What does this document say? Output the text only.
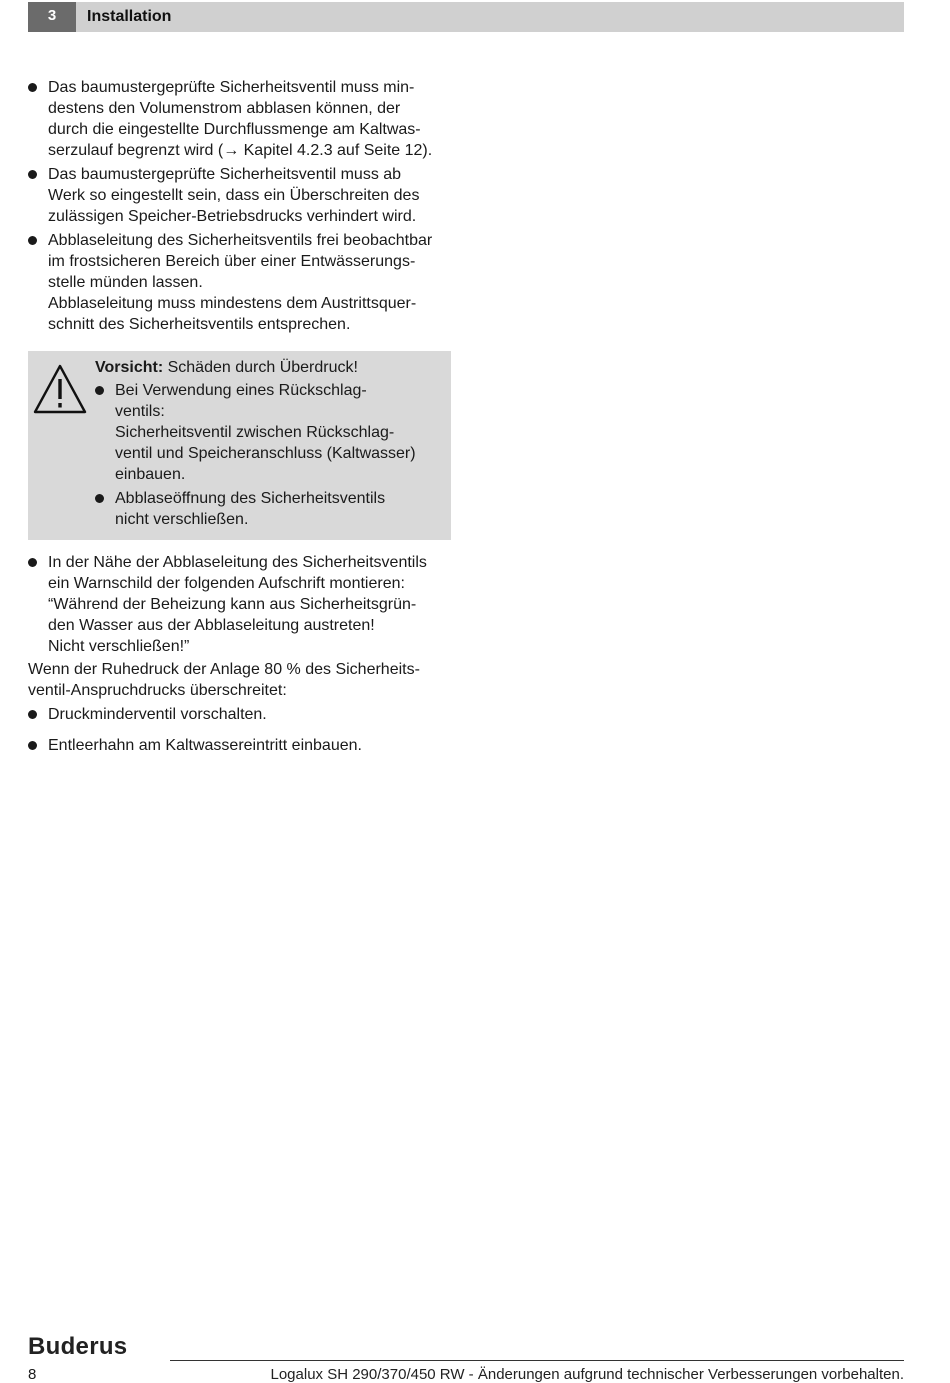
3	Installation
Das baumustergeprüfte Sicherheitsventil muss min-
destens den Volumenstrom abblasen können, der
durch die eingestellte Durchflussmenge am Kaltwas-
serzulauf begrenzt wird (→ Kapitel 4.2.3 auf Seite 12).
Das baumustergeprüfte Sicherheitsventil muss ab
Werk so eingestellt sein, dass ein Überschreiten des
zulässigen Speicher-Betriebsdrucks verhindert wird.
Abblaseleitung des Sicherheitsventils frei beobachtbar
im frostsicheren Bereich über einer Entwässerungs-
stelle münden lassen.
Abblaseleitung muss mindestens dem Austrittsquer-
schnitt des Sicherheitsventils entsprechen.
Vorsicht: Schäden durch Überdruck!
Bei Verwendung eines Rückschlag-
ventils:
Sicherheitsventil zwischen Rückschlag-
ventil und Speicheranschluss (Kaltwasser)
einbauen.
Abblaseöffnung des Sicherheitsventils
nicht verschließen.
In der Nähe der Abblaseleitung des Sicherheitsventils
ein Warnschild der folgenden Aufschrift montieren:
“Während der Beheizung kann aus Sicherheitsgrün-
den Wasser aus der Abblaseleitung austreten!
Nicht verschließen!”
Wenn der Ruhedruck der Anlage 80 % des Sicherheits-
ventil-Anspruchdrucks überschreitet:
Druckminderventil vorschalten.
Entleerhahn am Kaltwassereintritt einbauen.
Buderus
8	Logalux SH 290/370/450 RW - Änderungen aufgrund technischer Verbesserungen vorbehalten.
